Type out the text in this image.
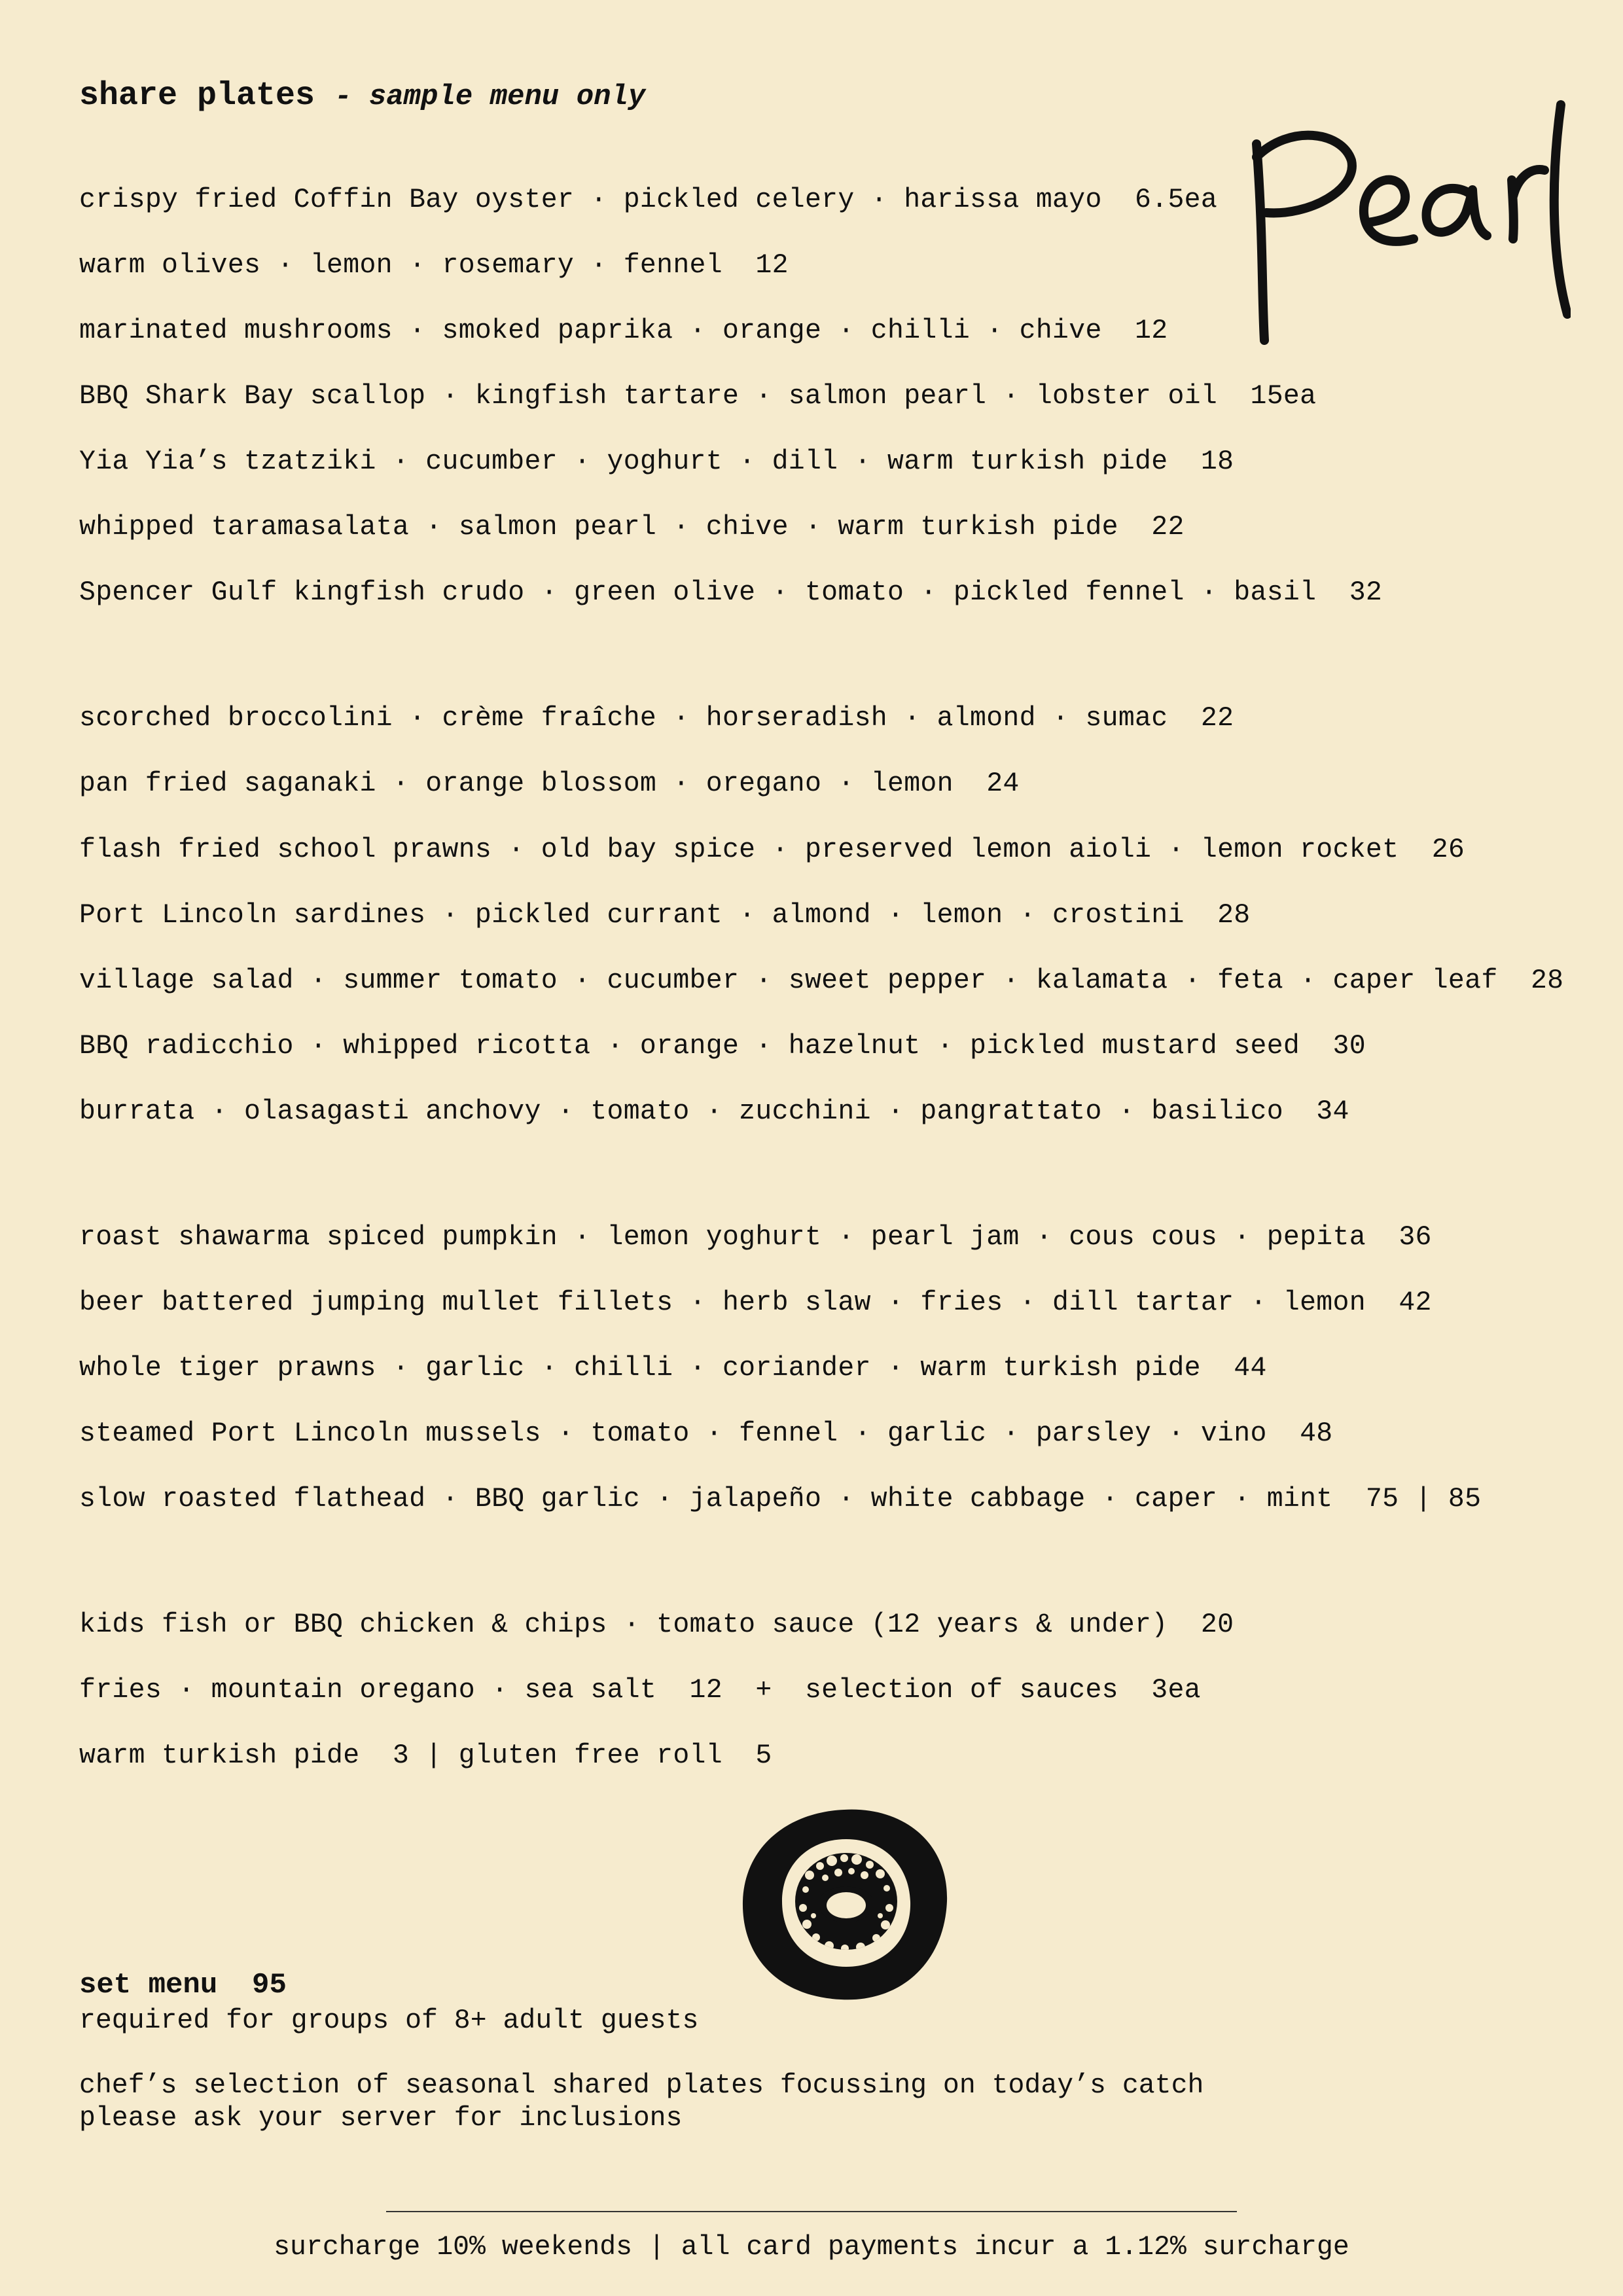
share plates - sample menu only
crispy fried Coffin Bay oyster · pickled celery · harissa mayo  6.5ea
warm olives · lemon · rosemary · fennel  12
marinated mushrooms · smoked paprika · orange · chilli · chive  12
BBQ Shark Bay scallop · kingfish tartare · salmon pearl · lobster oil  15ea
Yia Yia’s tzatziki · cucumber · yoghurt · dill · warm turkish pide  18
whipped taramasalata · salmon pearl · chive · warm turkish pide  22
Spencer Gulf kingfish crudo · green olive · tomato · pickled fennel · basil  32
scorched broccolini · crème fraîche · horseradish · almond · sumac  22
pan fried saganaki · orange blossom · oregano · lemon  24
flash fried school prawns · old bay spice · preserved lemon aioli · lemon rocket  26
Port Lincoln sardines · pickled currant · almond · lemon · crostini  28
village salad · summer tomato · cucumber · sweet pepper · kalamata · feta · caper leaf  28
BBQ radicchio · whipped ricotta · orange · hazelnut · pickled mustard seed  30
burrata · olasagasti anchovy · tomato · zucchini · pangrattato · basilico  34
roast shawarma spiced pumpkin · lemon yoghurt · pearl jam · cous cous · pepita  36
beer battered jumping mullet fillets · herb slaw · fries · dill tartar · lemon  42
whole tiger prawns · garlic · chilli · coriander · warm turkish pide  44
steamed Port Lincoln mussels · tomato · fennel · garlic · parsley · vino  48
slow roasted flathead · BBQ garlic · jalapeño · white cabbage · caper · mint  75 | 85
kids fish or BBQ chicken & chips · tomato sauce (12 years & under)  20
fries · mountain oregano · sea salt  12  +  selection of sauces  3ea
warm turkish pide  3 | gluten free roll  5
set menu  95
required for groups of 8+ adult guests
chef’s selection of seasonal shared plates focussing on today’s catch
please ask your server for inclusions
surcharge 10% weekends | all card payments incur a 1.12% surcharge
